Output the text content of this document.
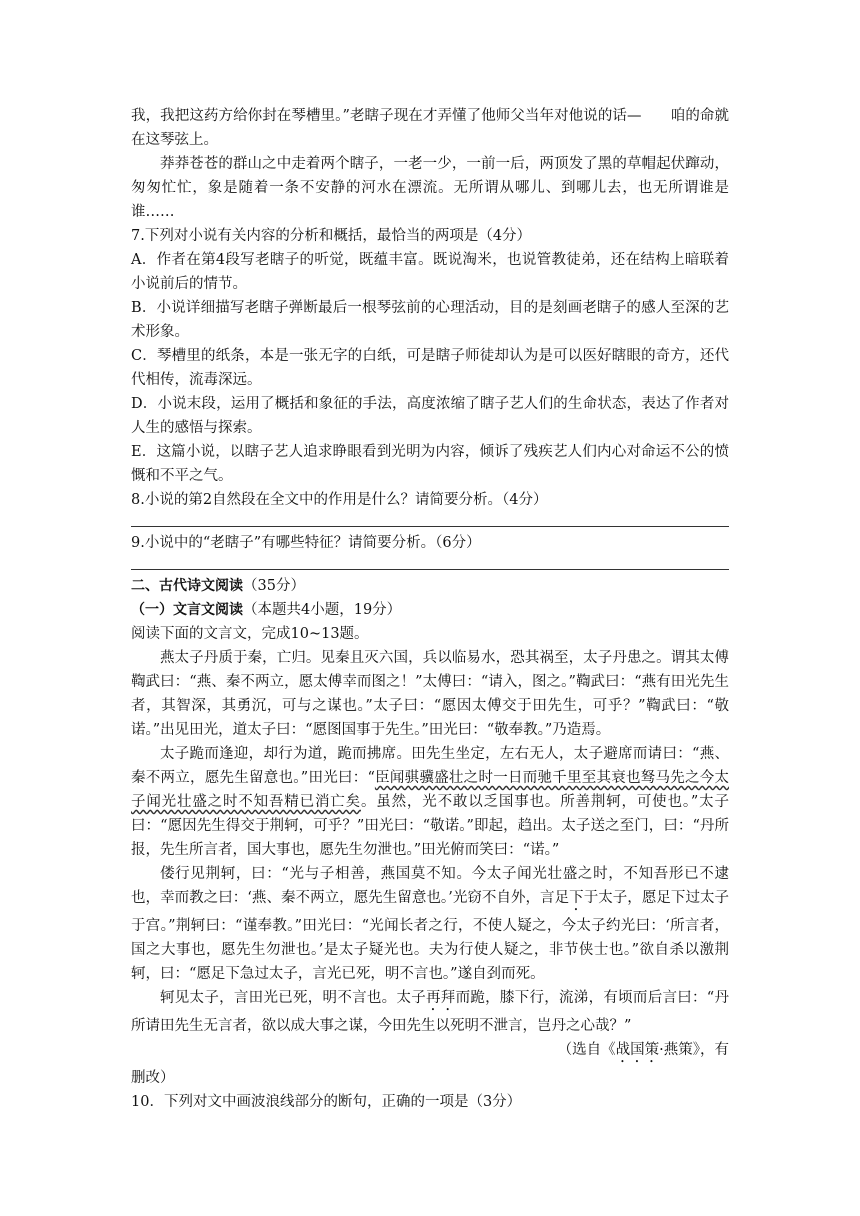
我，我把这药方给你封在琴槽里。”老瞎子现在才弄懂了他师父当年对他说的话—　　咱的命就在这琴弦上。

莽莽苍苍的群山之中走着两个瞎子，一老一少，一前一后，两顶发了黑的草帽起伏蹿动，匆匆忙忙，象是随着一条不安静的河水在漂流。无所谓从哪儿、到哪儿去，也无所谓谁是谁……

7.下列对小说有关内容的分析和概括，最恰当的两项是（4分）

A．作者在第4段写老瞎子的听觉，既蕴丰富。既说淘米，也说管教徒弟，还在结构上暗联着小说前后的情节。

B．小说详细描写老瞎子弹断最后一根琴弦前的心理活动，目的是刻画老瞎子的感人至深的艺术形象。

C．琴槽里的纸条，本是一张无字的白纸，可是瞎子师徒却认为是可以医好瞎眼的奇方，还代代相传，流毒深远。

D．小说末段，运用了概括和象征的手法，高度浓缩了瞎子艺人们的生命状态，表达了作者对人生的感悟与探索。

E．这篇小说，以瞎子艺人追求睁眼看到光明为内容，倾诉了残疾艺人们内心对命运不公的愤慨和不平之气。

8.小说的第2自然段在全文中的作用是什么？请简要分析。（4分）

9.小说中的“老瞎子”有哪些特征？请简要分析。（6分）

二、古代诗文阅读（35分）

（一）文言文阅读（本题共4小题，19分）

阅读下面的文言文，完成10~13题。

燕太子丹质于秦，亡归。见秦且灭六国，兵以临易水，恐其祸至，太子丹患之。谓其太傅鞫武曰：“燕、秦不两立，愿太傅幸而图之！”太傅曰：“请入，图之。”鞫武曰：“燕有田光先生者，其智深，其勇沉，可与之谋也。”太子曰：“愿因太傅交于田先生，可乎？”鞫武曰：“敬诺。”出见田光，道太子曰：“愿图国事于先生。”田光曰：“敬奉教。”乃造焉。

太子跪而逢迎，却行为道，跪而拂席。田先生坐定，左右无人，太子避席而请曰：“燕、秦不两立，愿先生留意也。”田光曰：“臣闻骐骥盛壮之时一日而驰千里至其衰也驽马先之今太子闻光壮盛之时不知吾精已消亡矣。虽然，光不敢以乏国事也。所善荆轲，可使也。”太子曰：“愿因先生得交于荆轲，可乎？”田光曰：“敬诺。”即起，趋出。太子送之至门，曰：“丹所报，先生所言者，国大事也，愿先生勿泄也。”田光俯而笑曰：“诺。”

偻行见荆轲，曰：“光与子相善，燕国莫不知。今太子闻光壮盛之时，不知吾形已不逮也，幸而教之曰：‘燕、秦不两立，愿先生留意也。’光窃不自外，言足下于太子，愿足下过太子于宫。”荆轲曰：“谨奉教。”田光曰：“光闻长者之行，不使人疑之，今太子约光曰：‘所言者，国之大事也，愿先生勿泄也。’是太子疑光也。夫为行使人疑之，非节侠士也。”欲自杀以激荆轲，曰：“愿足下急过太子，言光已死，明不言也。”遂自刭而死。

轲见太子，言田光已死，明不言也。太子再拜而跪，膝下行，流涕，有顷而后言曰：“丹所请田先生无言者，欲以成大事之谋，今田先生以死明不泄言，岂丹之心哉？”

（选自《战国策·燕策》，有

删改）

10．下列对文中画波浪线部分的断句，正确的一项是（3分）
